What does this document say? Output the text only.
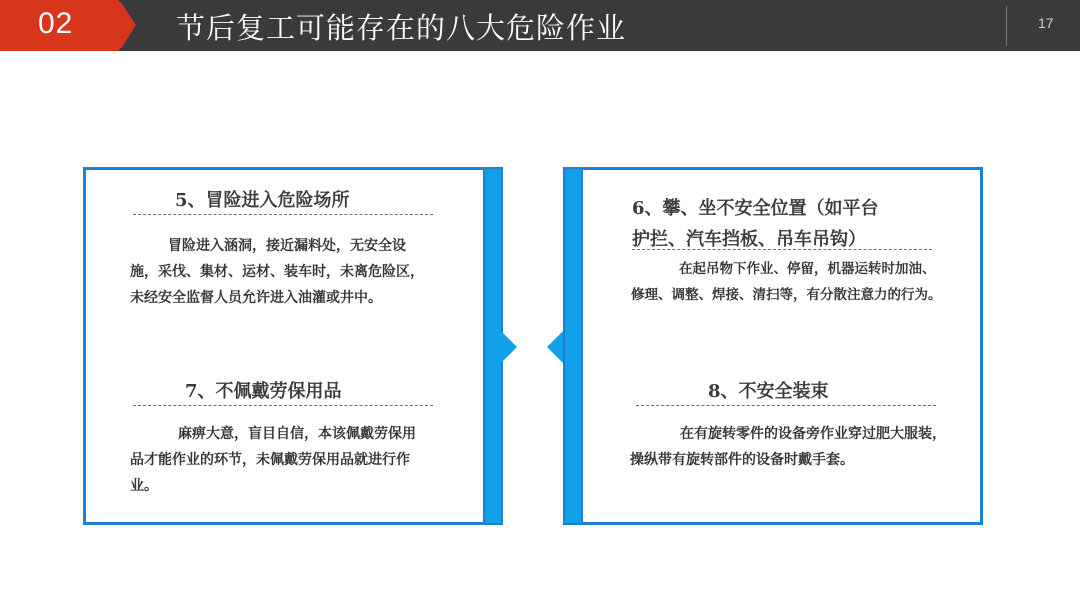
02	节后复工可能存在的八大危险作业	17
5、冒险进入危险场所
冒险进入涵洞，接近漏料处，无安全设
施，采伐、集材、运材、装车时，未离危险区，
未经安全监督人员允许进入油灌或井中。
7、不佩戴劳保用品
麻痹大意，盲目自信，本该佩戴劳保用
品才能作业的环节，未佩戴劳保用品就进行作
业。
6、攀、坐不安全位置（如平台
护拦、汽车挡板、吊车吊钩）
在起吊物下作业、停留，机器运转时加油、
修理、调整、焊接、清扫等，有分散注意力的行为。
8、不安全装束
在有旋转零件的设备旁作业穿过肥大服装，
操纵带有旋转部件的设备时戴手套。
